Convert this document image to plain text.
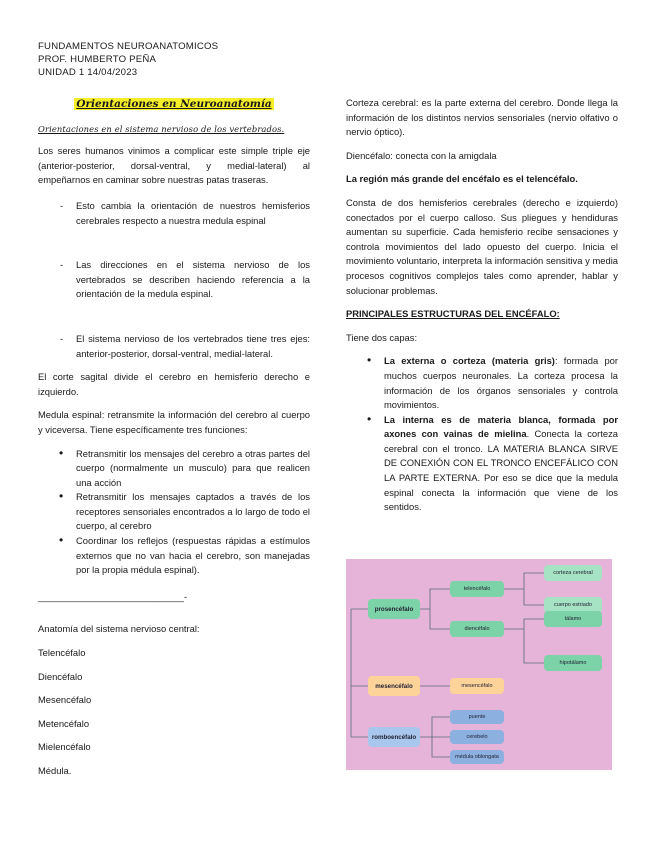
FUNDAMENTOS NEUROANATOMICOS
PROF. HUMBERTO PEÑA
UNIDAD 1 14/04/2023

Orientaciones en Neuroanatomía

Orientaciones en el sistema nervioso de los vertebrados.

Los seres humanos vinimos a complicar este simple triple eje (anterior-posterior, dorsal-ventral, y medial-lateral) al empeñarnos en caminar sobre nuestras patas traseras.

- Esto cambia la orientación de nuestros hemisferios cerebrales respecto a nuestra medula espinal
- Las direcciones en el sistema nervioso de los vertebrados se describen haciendo referencia a la orientación de la medula espinal.
- El sistema nervioso de los vertebrados tiene tres ejes: anterior-posterior, dorsal-ventral, medial-lateral.

El corte sagital divide el cerebro en hemisferio derecho e izquierdo.

Medula espinal: retransmite la información del cerebro al cuerpo y viceversa. Tiene específicamente tres funciones:

• Retransmitir los mensajes del cerebro a otras partes del cuerpo (normalmente un musculo) para que realicen una acción
• Retransmitir los mensajes captados a través de los receptores sensoriales encontrados a lo largo de todo el cuerpo, al cerebro
• Coordinar los reflejos (respuestas rápidas a estímulos externos que no van hacia el cerebro, son manejadas por la propia médula espinal).

____________________________-

Anatomía del sistema nervioso central:

Telencéfalo

Diencéfalo

Mesencéfalo

Metencéfalo

Mielencéfalo

Médula.

Corteza cerebral: es la parte externa del cerebro. Donde llega la información de los distintos nervios sensoriales (nervio olfativo o nervio óptico).

Diencéfalo: conecta con la amigdala

La región más grande del encéfalo es el telencéfalo.

Consta de dos hemisferios cerebrales (derecho e izquierdo) conectados por el cuerpo calloso. Sus pliegues y hendiduras aumentan su superficie. Cada hemisferio recibe sensaciones y controla movimientos del lado opuesto del cuerpo. Inicia el movimiento voluntario, interpreta la información sensitiva y media procesos cognitivos complejos tales como aprender, hablar y solucionar problemas.

PRINCIPALES ESTRUCTURAS DEL ENCÉFALO:

Tiene dos capas:

• La externa o corteza (materia gris): formada por muchos cuerpos neuronales. La corteza procesa la información de los órganos sensoriales y controla movimientos.
• La interna es de materia blanca, formada por axones con vainas de mielina. Conecta la corteza cerebral con el tronco. LA MATERIA BLANCA SIRVE DE CONEXIÓN CON EL TRONCO ENCEFÁLICO CON LA PARTE EXTERNA. Por eso se dice que la medula espinal conecta la información que viene de los sentidos.
prosencéfalo
telencéfalo
diencéfalo
corteza cerebral
cuerpo estriado
tálamo
hipotálamo
mesencéfalo	mesencéfalo
romboencéfalo
puente
cerebelo
médula oblongata
